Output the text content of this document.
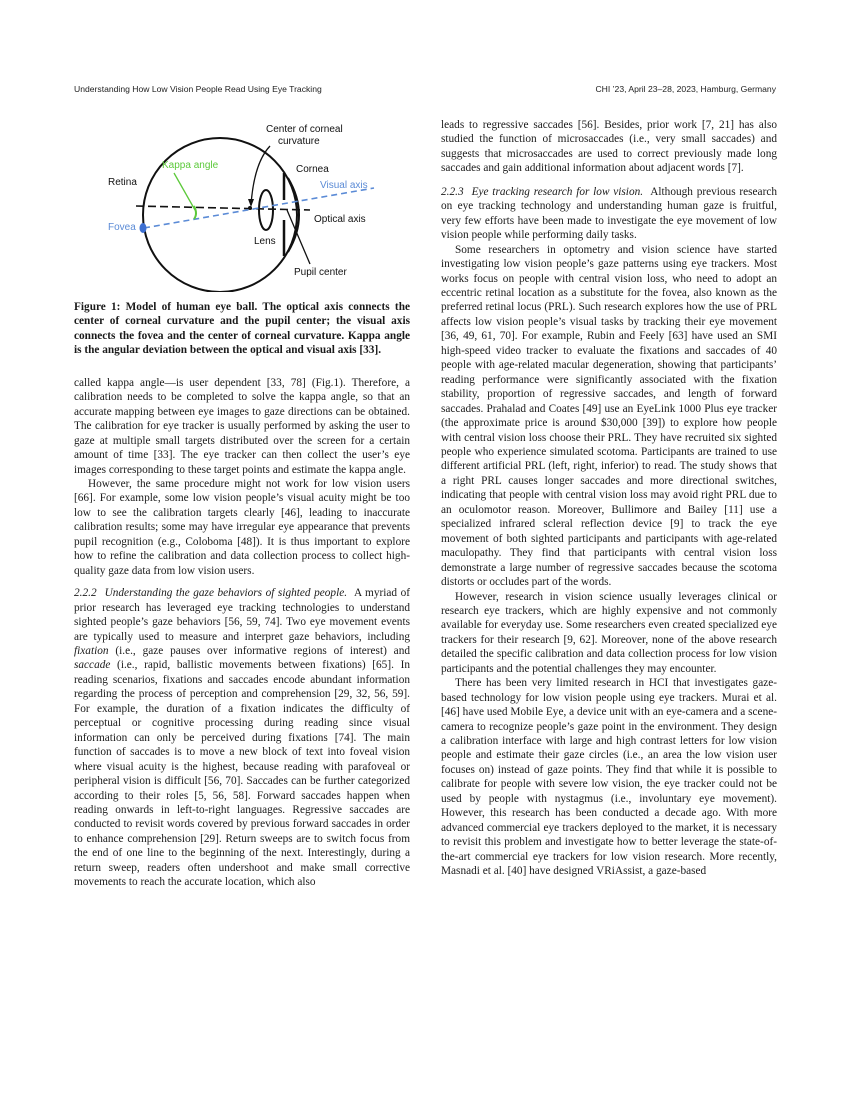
Understanding How Low Vision People Read Using Eye Tracking	CHI ’23, April 23–28, 2023, Hamburg, Germany
Center of corneal
curvature
Kappa angle	Cornea
Retina	Visual axis
Fovea
Optical axis
Lens
Pupil center
Figure 1: Model of human eye ball. The optical axis connects the center of corneal curvature and the pupil center; the visual axis connects the fovea and the center of corneal curvature. Kappa angle is the angular deviation between the optical and visual axis [33].

called kappa angle—is user dependent [33, 78] (Fig.1). Therefore, a calibration needs to be completed to solve the kappa angle, so that an accurate mapping between eye images to gaze directions can be obtained. The calibration for eye tracker is usually performed by asking the user to gaze at multiple small targets distributed over the screen for a certain amount of time [33]. The eye tracker can then collect the user’s eye images corresponding to these target points and estimate the kappa angle.

However, the same procedure might not work for low vision users [66]. For example, some low vision people’s visual acuity might be too low to see the calibration targets clearly [46], leading to inaccurate calibration results; some may have irregular eye appearance that prevents pupil recognition (e.g., Coloboma [48]). It is thus important to explore how to refine the calibration and data collection process to collect high-quality gaze data from low vision users.

2.2.2 Understanding the gaze behaviors of sighted people. A myriad of prior research has leveraged eye tracking technologies to understand sighted people’s gaze behaviors [56, 59, 74]. Two eye movement events are typically used to measure and interpret gaze behaviors, including fixation (i.e., gaze pauses over informative regions of interest) and saccade (i.e., rapid, ballistic movements between fixations) [65]. In reading scenarios, fixations and saccades encode abundant information regarding the process of perception and comprehension [29, 32, 56, 59]. For example, the duration of a fixation indicates the difficulty of perceptual or cognitive processing during reading since visual information can only be perceived during fixations [74]. The main function of saccades is to move a new block of text into foveal vision where visual acuity is the highest, because reading with parafoveal or peripheral vision is difficult [56, 70]. Saccades can be further categorized according to their roles [5, 56, 58]. Forward saccades happen when reading onwards in left-to-right languages. Regressive saccades are conducted to revisit words covered by previous forward saccades in order to enhance comprehension [29]. Return sweeps are to switch focus from the end of one line to the beginning of the next. Interestingly, during a return sweep, readers often undershoot and make small corrective movements to reach the accurate location, which also

leads to regressive saccades [56]. Besides, prior work [7, 21] has also studied the function of microsaccades (i.e., very small saccades) and suggests that microsaccades are used to correct previously made long saccades and gain additional information about adjacent words [7].

2.2.3 Eye tracking research for low vision. Although previous research on eye tracking technology and understanding human gaze is fruitful, very few efforts have been made to investigate the eye movement of low vision people while performing daily tasks.

Some researchers in optometry and vision science have started investigating low vision people’s gaze patterns using eye trackers. Most works focus on people with central vision loss, who need to adopt an eccentric retinal location as a substitute for the fovea, also known as the preferred retinal locus (PRL). Such research explores how the use of PRL affects low vision people’s visual tasks by tracking their eye movement [36, 49, 61, 70]. For example, Rubin and Feely [63] have used an SMI high-speed video tracker to evaluate the fixations and saccades of 40 people with age-related macular degeneration, showing that participants’ reading performance were significantly associated with the fixation stability, proportion of regressive saccades, and length of forward saccades. Prahalad and Coates [49] use an EyeLink 1000 Plus eye tracker (the approximate price is around $30,000 [39]) to explore how people with central vision loss choose their PRL. They have recruited six sighted people who experience simulated scotoma. Participants are trained to use different artificial PRL (left, right, inferior) to read. The study shows that a right PRL causes longer saccades and more directional switches, indicating that people with central vision loss may avoid right PRL due to an oculomotor reason. Moreover, Bullimore and Bailey [11] use a specialized infrared scleral reflection device [9] to track the eye movement of both sighted participants and participants with age-related maculopathy. They find that participants with central vision loss demonstrate a large number of regressive saccades because the scotoma distorts or occludes part of the words.

However, research in vision science usually leverages clinical or research eye trackers, which are highly expensive and not commonly available for everyday use. Some researchers even created specialized eye trackers for their research [9, 62]. Moreover, none of the above research detailed the specific calibration and data collection process for low vision participants and the potential challenges they may encounter.

There has been very limited research in HCI that investigates gaze-based technology for low vision people using eye trackers. Murai et al. [46] have used Mobile Eye, a device unit with an eye-camera and a scene-camera to recognize people’s gaze point in the environment. They design a calibration interface with large and high contrast letters for low vision people and estimate their gaze circles (i.e., an area the low vision user focuses on) instead of gaze points. They find that while it is possible to calibrate for people with severe low vision, the eye tracker could not be used by people with nystagmus (i.e., involuntary eye movement). However, this research has been conducted a decade ago. With more advanced commercial eye trackers deployed to the market, it is necessary to revisit this problem and investigate how to better leverage the state-of-the-art commercial eye trackers for low vision research. More recently, Masnadi et al. [40] have designed VRiAssist, a gaze-based
